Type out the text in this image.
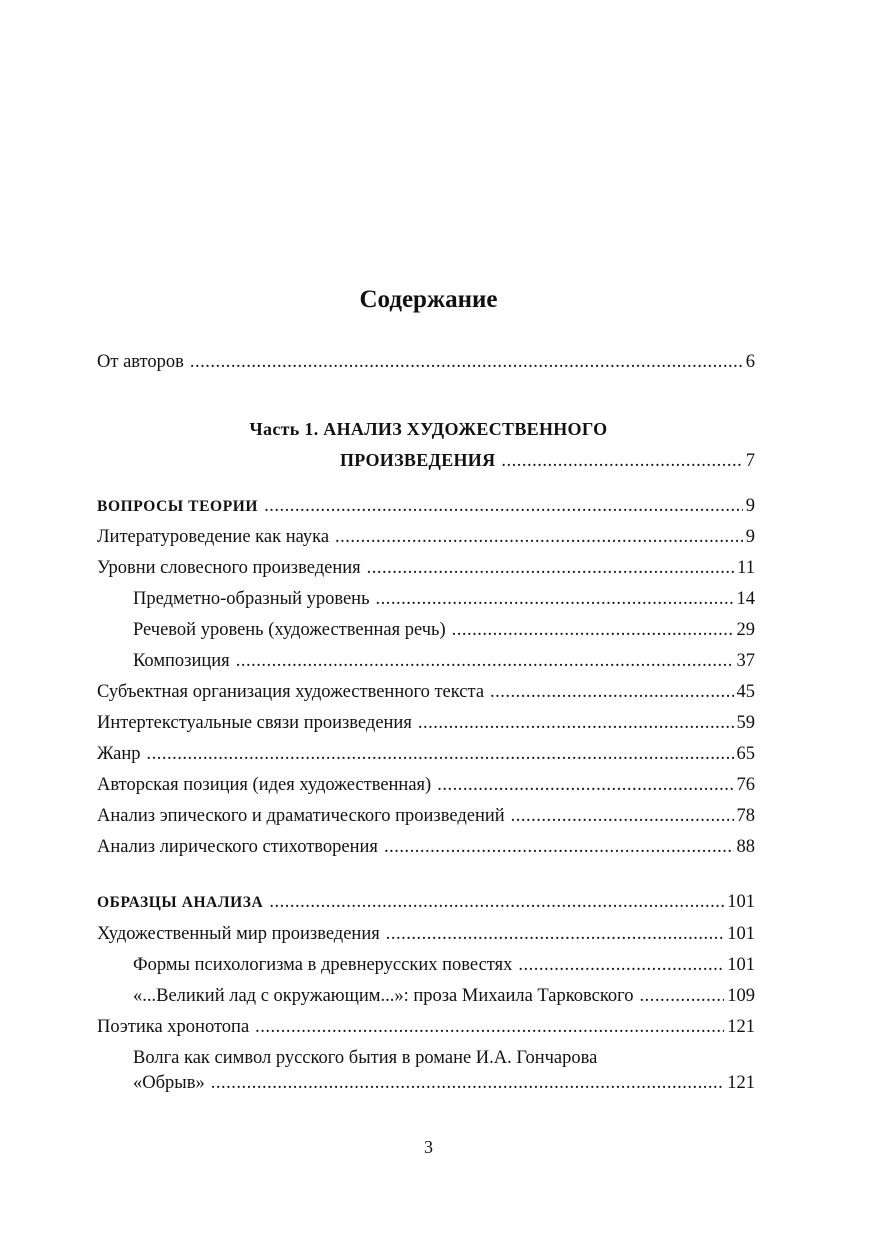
Содержание
От авторов .....	6
Часть 1. АНАЛИЗ ХУДОЖЕСТВЕННОГО
ПРОИЗВЕДЕНИЯ .....	7
ВОПРОСЫ ТЕОРИИ .....	9
Литературоведение как наука .....	9
Уровни словесного произведения .....	11
Предметно-образный уровень .....	14
Речевой уровень (художественная речь) .....	29
Композиция .....	37
Субъектная организация художественного текста .....	45
Интертекстуальные связи произведения .....	59
Жанр .....	65
Авторская позиция (идея художественная) .....	76
Анализ эпического и драматического произведений .....	78
Анализ лирического стихотворения .....	88
ОБРАЗЦЫ АНАЛИЗА .....	101
Художественный мир произведения .....	101
Формы психологизма в древнерусских повестях .....	101
«...Великий лад с окружающим...»: проза Михаила Тарковского .....	109
Поэтика хронотопа .....	121
Волга как символ русского бытия в романе И.А. Гончарова
«Обрыв» .....	121
3
